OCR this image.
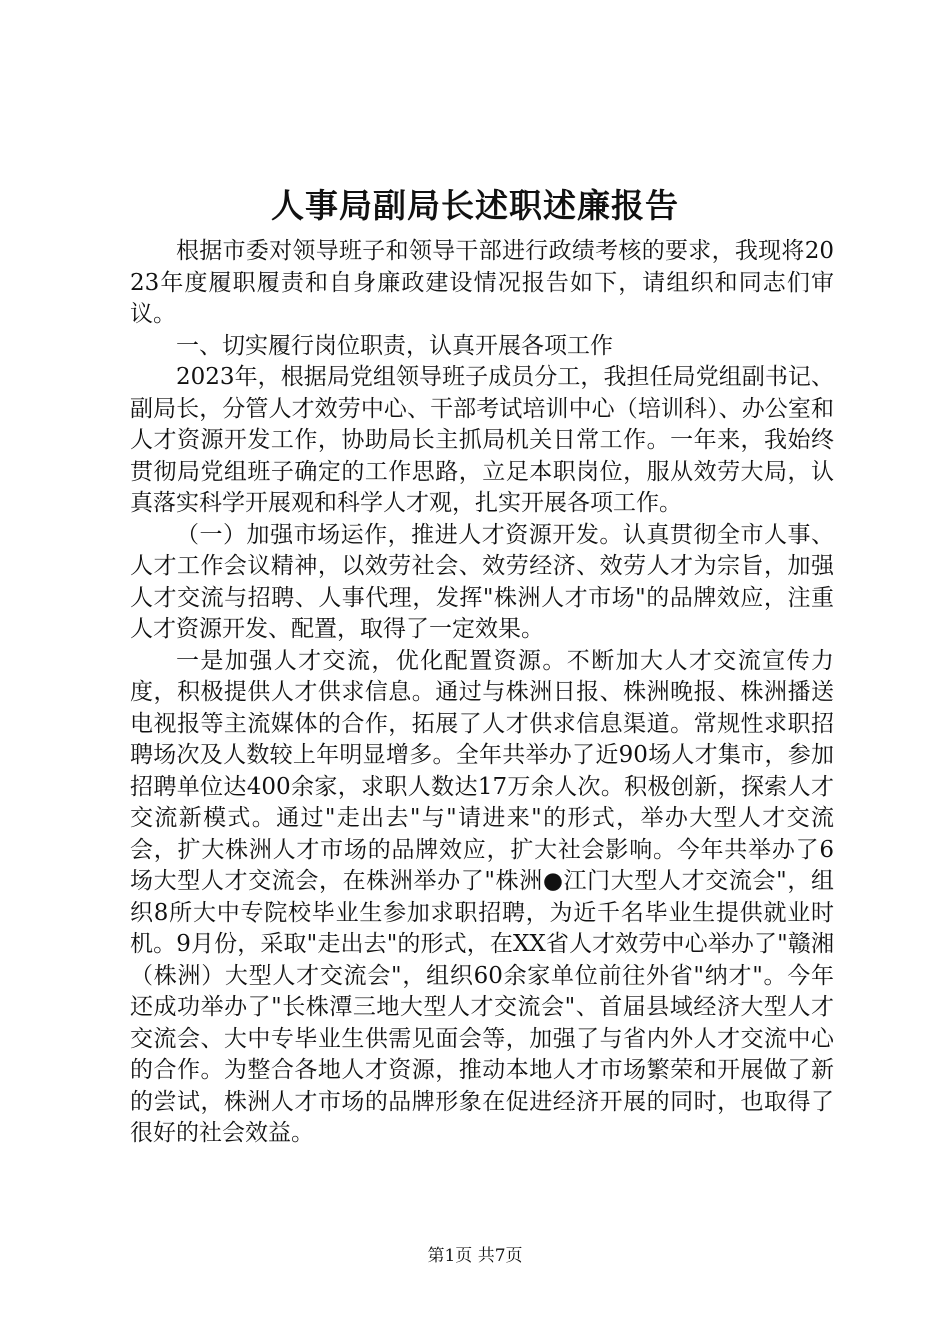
人事局副局长述职述廉报告

根据市委对领导班子和领导干部进行政绩考核的要求，我现将2023年度履职履责和自身廉政建设情况报告如下，请组织和同志们审议。

一、切实履行岗位职责，认真开展各项工作

2023年，根据局党组领导班子成员分工，我担任局党组副书记、副局长，分管人才效劳中心、干部考试培训中心（培训科）、办公室和人才资源开发工作，协助局长主抓局机关日常工作。一年来，我始终贯彻局党组班子确定的工作思路，立足本职岗位，服从效劳大局，认真落实科学开展观和科学人才观，扎实开展各项工作。

（一）加强市场运作，推进人才资源开发。认真贯彻全市人事、人才工作会议精神，以效劳社会、效劳经济、效劳人才为宗旨，加强人才交流与招聘、人事代理，发挥"株洲人才市场"的品牌效应，注重人才资源开发、配置，取得了一定效果。

一是加强人才交流，优化配置资源。不断加大人才交流宣传力度，积极提供人才供求信息。通过与株洲日报、株洲晚报、株洲播送电视报等主流媒体的合作，拓展了人才供求信息渠道。常规性求职招聘场次及人数较上年明显增多。全年共举办了近90场人才集市，参加招聘单位达400余家，求职人数达17万余人次。积极创新，探索人才交流新模式。通过"走出去"与"请进来"的形式，举办大型人才交流会，扩大株洲人才市场的品牌效应，扩大社会影响。今年共举办了6场大型人才交流会，在株洲举办了"株洲●江门大型人才交流会"，组织8所大中专院校毕业生参加求职招聘，为近千名毕业生提供就业时机。9月份，采取"走出去"的形式，在XX省人才效劳中心举办了"赣湘（株洲）大型人才交流会"，组织60余家单位前往外省"纳才"。今年还成功举办了"长株潭三地大型人才交流会"、首届县域经济大型人才交流会、大中专毕业生供需见面会等，加强了与省内外人才交流中心的合作。为整合各地人才资源，推动本地人才市场繁荣和开展做了新的尝试，株洲人才市场的品牌形象在促进经济开展的同时，也取得了很好的社会效益。

第1页 共7页
